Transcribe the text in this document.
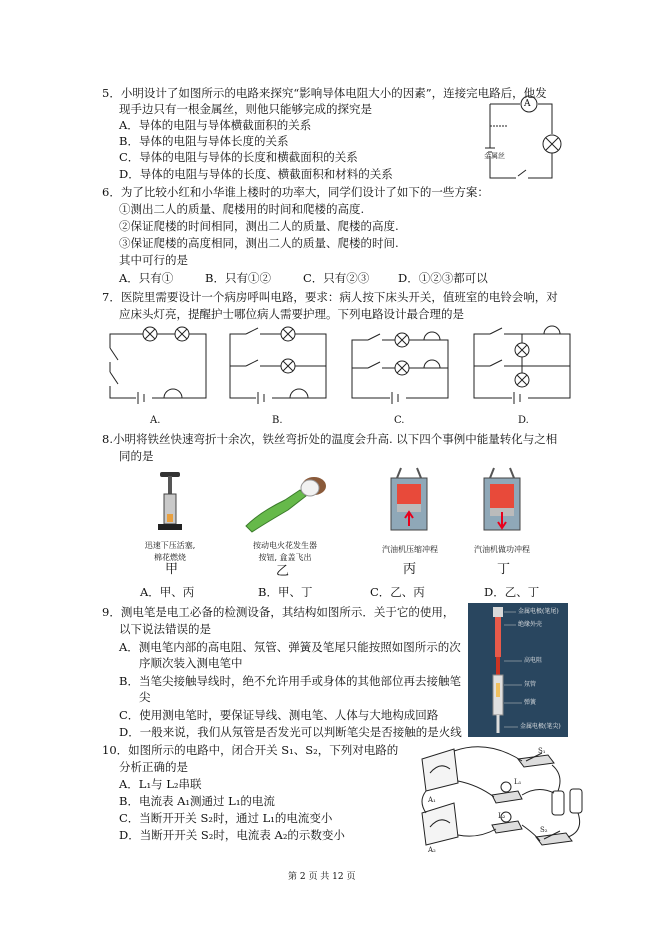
5．小明设计了如图所示的电路来探究“影响导体电阻大小的因素”，连接完电路后，他发
现手边只有一根金属丝，则他只能够完成的探究是
A．导体的电阻与导体横截面积的关系
B．导体的电阻与导体长度的关系
C．导体的电阻与导体的长度和横截面积的关系
D．导体的电阻与导体的长度、横截面积和材料的关系
A
金属丝
6．为了比较小红和小华谁上楼时的功率大，同学们设计了如下的一些方案：
①测出二人的质量、爬楼用的时间和爬楼的高度.
②保证爬楼的时间相同，测出二人的质量、爬楼的高度.
③保证爬楼的高度相同，测出二人的质量、爬楼的时间.
其中可行的是
A．只有①	B．只有①②	C．只有②③ D．①②③都可以
7．医院里需要设计一个病房呼叫电路，要求：病人按下床头开关，值班室的电铃会响，对
应床头灯亮，提醒护士哪位病人需要护理。下列电路设计最合理的是
A.	B.	C.	D.
8.小明将铁丝快速弯折十余次，铁丝弯折处的温度会升高. 以下四个事例中能量转化与之相
同的是
迅速下压活塞,
棉花燃烧
按动电火花发生器
按钮, 盒盖飞出
汽油机压缩冲程	汽油机做功冲程
甲	乙	丙	丁
A．甲、丙	B．甲、丁	C．乙、丙	D．乙、丁
9．测电笔是电工必备的检测设备，其结构如图所示．关于它的使用，
以下说法错误的是
A．测电笔内部的高电阻、氖管、弹簧及笔尾只能按照如图所示的次
序顺次装入测电笔中
B．当笔尖接触导线时，绝不允许用手或身体的其他部位再去接触笔
尖
C．使用测电笔时，要保证导线、测电笔、人体与大地构成回路
D．一般来说，我们从氖管是否发光可以判断笔尖是否接触的是火线
金属电极(笔尾)
绝缘外壳
高电阻
氖管
弹簧
金属电极(笔尖)
10．如图所示的电路中，闭合开关 S₁、S₂，下列对电路的
分析正确的是
A．L₁与 L₂串联
B．电流表 A₁测通过 L₁的电流
C．当断开开关 S₂时，通过 L₁的电流变小
D．当断开开关 S₂时，电流表 A₂的示数变小
S₁
L₁
L₂
S₂
A₁
A₂
第 2 页 共 12 页
